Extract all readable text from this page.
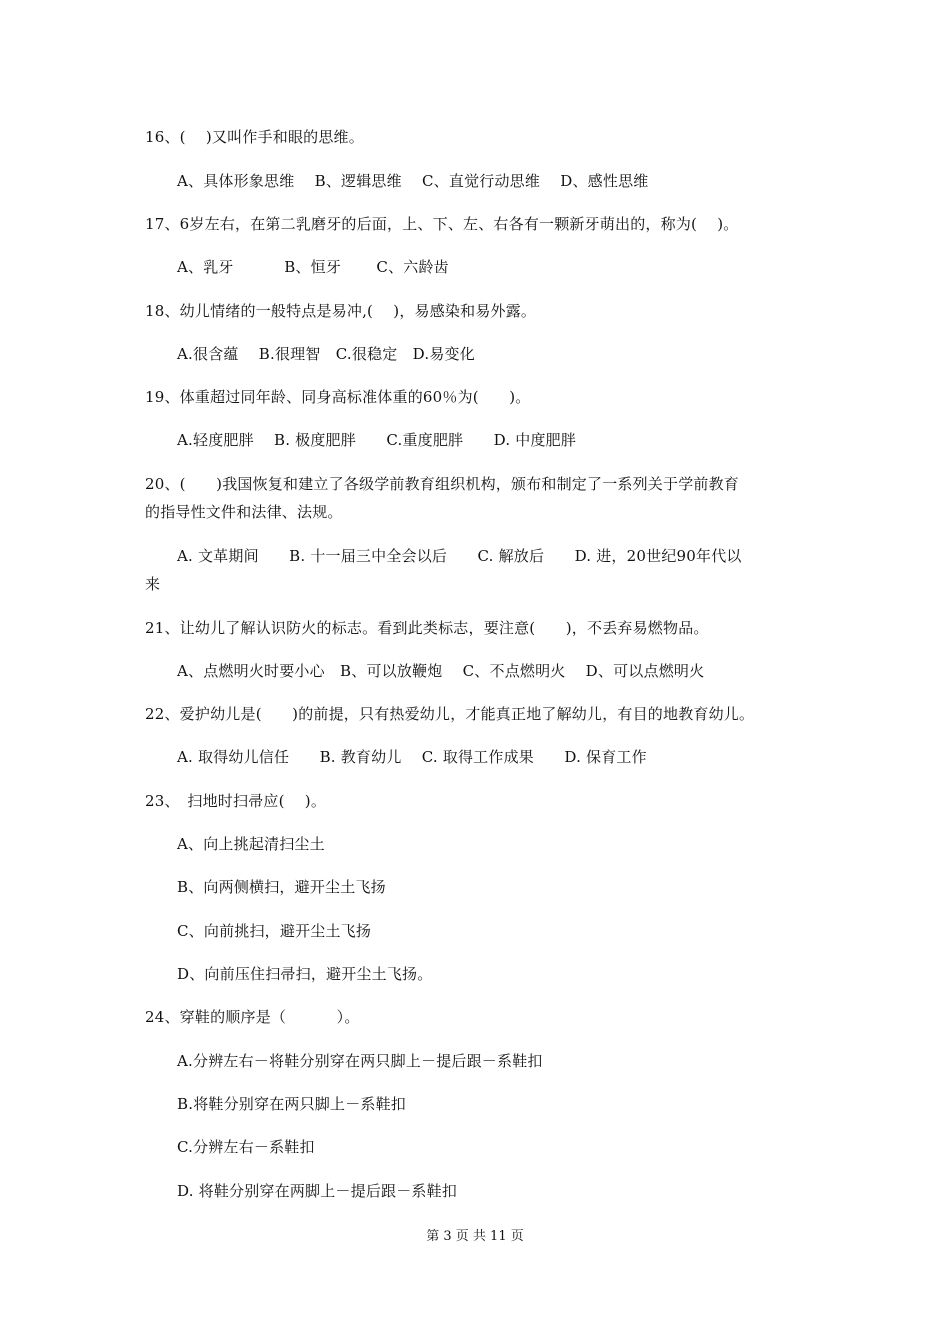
16、(　 )又叫作手和眼的思维。
A、具体形象思维　 B、逻辑思维　 C、直觉行动思维　 D、感性思维
17、6岁左右，在第二乳磨牙的后面，上、下、左、右各有一颗新牙萌出的，称为(　 )。
A、乳牙　　　 B、恒牙　　 C、六龄齿
18、幼儿情绪的一般特点是易冲,(　 )，易感染和易外露。
A.很含蕴　 B.很理智　C.很稳定　D.易变化
19、体重超过同年龄、同身高标准体重的60％为(　　)。
A.轻度肥胖　 B. 极度肥胖　　C.重度肥胖　　D. 中度肥胖
20、(　　)我国恢复和建立了各级学前教育组织机构，颁布和制定了一系列关于学前教育
的指导性文件和法律、法规。
A. 文革期间　　B. 十一届三中全会以后　　C. 解放后　　D. 进，20世纪90年代以
来
21、让幼儿了解认识防火的标志。看到此类标志，要注意(　　)，不丢弃易燃物品。
A、点燃明火时要小心　B、可以放鞭炮　 C、不点燃明火　 D、可以点燃明火
22、爱护幼儿是(　　)的前提，只有热爱幼儿，才能真正地了解幼儿，有目的地教育幼儿。
A. 取得幼儿信任　　B. 教育幼儿　 C. 取得工作成果　　D. 保育工作
23、　扫地时扫帚应(　 )。
A、向上挑起清扫尘土
B、向两侧横扫，避开尘土飞扬
C、向前挑扫，避开尘土飞扬
D、向前压住扫帚扫，避开尘土飞扬。
24、穿鞋的顺序是（　　　 ）。
A.分辨左右－将鞋分别穿在两只脚上－提后跟－系鞋扣
B.将鞋分别穿在两只脚上－系鞋扣
C.分辨左右－系鞋扣
D. 将鞋分别穿在两脚上－提后跟－系鞋扣
第 3 页 共 11 页
